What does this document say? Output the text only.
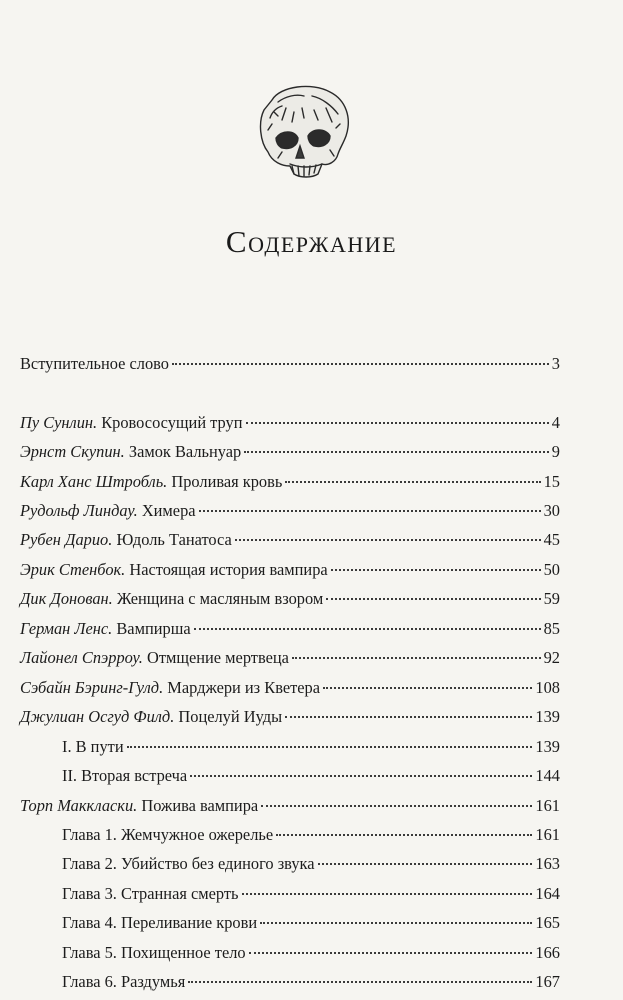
Содержание
Вступительное слово	3
Пу Сунлин. Кровососущий труп	4
Эрнст Скупин. Замок Вальнуар	9
Карл Ханс Штробль. Проливая кровь	15
Рудольф Линдау. Химера	30
Рубен Дарио. Юдоль Танатоса	45
Эрик Стенбок. Настоящая история вампира	50
Дик Донован. Женщина с масляным взором	59
Герман Ленс. Вампирша	85
Лайонел Спэрроу. Отмщение мертвеца	92
Сэбайн Бэринг-Гулд. Марджери из Кветера	108
Джулиан Осгуд Филд. Поцелуй Иуды	139
I. В пути	139
II. Вторая встреча	144
Торп Макклаcки. Пожива вампира	161
Глава 1. Жемчужное ожерелье	161
Глава 2. Убийство без единого звука	163
Глава 3. Странная смерть	164
Глава 4. Переливание крови	165
Глава 5. Похищенное тело	166
Глава 6. Раздумья	167
